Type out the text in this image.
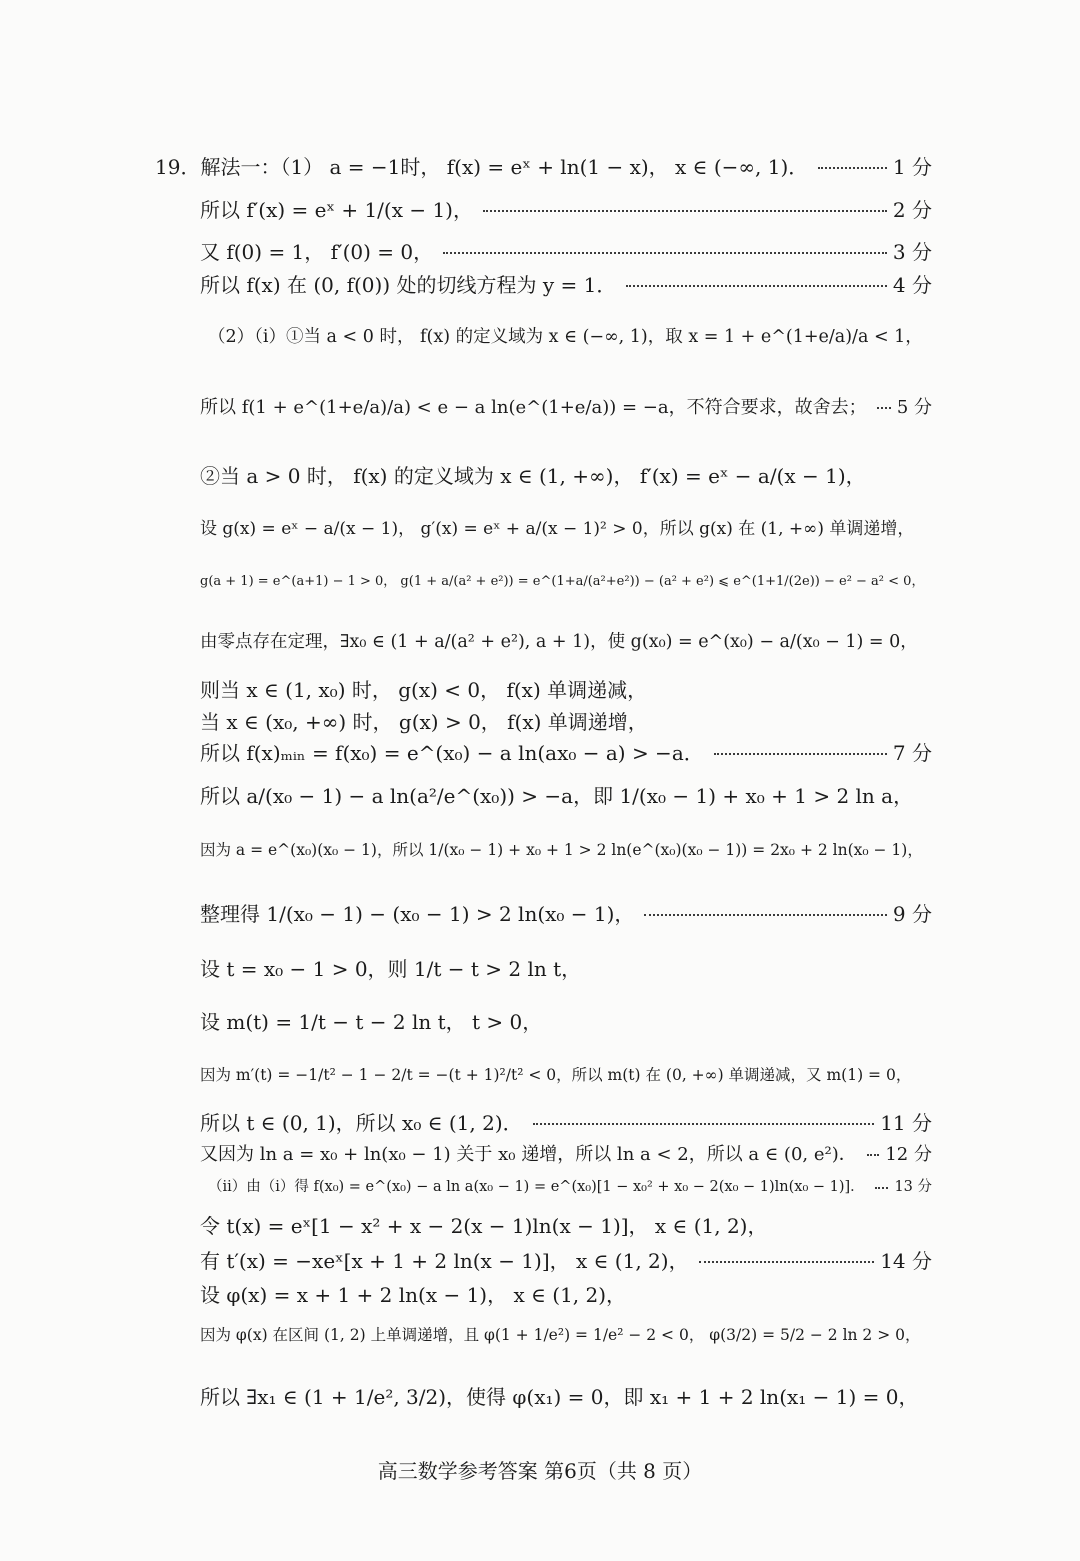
19．解法一：（1） a = −1时， f(x) = eˣ + ln(1 − x)， x ∈ (−∞, 1)．	1 分
所以 f′(x) = eˣ + 1/(x − 1)，	2 分
又 f(0) = 1， f′(0) = 0，	3 分
所以 f(x) 在 (0, f(0)) 处的切线方程为 y = 1．	4 分
（2）（i）①当 a < 0 时， f(x) 的定义域为 x ∈ (−∞, 1)，取 x = 1 + e^(1+e/a)/a < 1，
所以 f(1 + e^(1+e/a)/a) < e − a ln(e^(1+e/a)) = −a，不符合要求，故舍去； 5 分
②当 a > 0 时， f(x) 的定义域为 x ∈ (1, +∞)， f′(x) = eˣ − a/(x − 1)，
设 g(x) = eˣ − a/(x − 1)， g′(x) = eˣ + a/(x − 1)² > 0，所以 g(x) 在 (1, +∞) 单调递增，
g(a + 1) = e^(a+1) − 1 > 0， g(1 + a/(a² + e²)) = e^(1+a/(a²+e²)) − (a² + e²) ⩽ e^(1+1/(2e)) − e² − a² < 0，
由零点存在定理，∃x₀ ∈ (1 + a/(a² + e²), a + 1)，使 g(x₀) = e^(x₀) − a/(x₀ − 1) = 0，
则当 x ∈ (1, x₀) 时， g(x) < 0， f(x) 单调递减，
当 x ∈ (x₀, +∞) 时， g(x) > 0， f(x) 单调递增，
所以 f(x)ₘᵢₙ = f(x₀) = e^(x₀) − a ln(ax₀ − a) > −a．	7 分
所以 a/(x₀ − 1) − a ln(a²/e^(x₀)) > −a，即 1/(x₀ − 1) + x₀ + 1 > 2 ln a，
因为 a = e^(x₀)(x₀ − 1)，所以 1/(x₀ − 1) + x₀ + 1 > 2 ln(e^(x₀)(x₀ − 1)) = 2x₀ + 2 ln(x₀ − 1)，
整理得 1/(x₀ − 1) − (x₀ − 1) > 2 ln(x₀ − 1)，	9 分
设 t = x₀ − 1 > 0，则 1/t − t > 2 ln t，
设 m(t) = 1/t − t − 2 ln t， t > 0，
因为 m′(t) = −1/t² − 1 − 2/t = −(t + 1)²/t² < 0，所以 m(t) 在 (0, +∞) 单调递减，又 m(1) = 0，
所以 t ∈ (0, 1)，所以 x₀ ∈ (1, 2)．	11 分
又因为 ln a = x₀ + ln(x₀ − 1) 关于 x₀ 递增，所以 ln a < 2，所以 a ∈ (0, e²)． 12 分
（ii）由（i）得 f(x₀) = e^(x₀) − a ln a(x₀ − 1) = e^(x₀)[1 − x₀² + x₀ − 2(x₀ − 1)ln(x₀ − 1)]． 13 分
令 t(x) = eˣ[1 − x² + x − 2(x − 1)ln(x − 1)]， x ∈ (1, 2)，
有 t′(x) = −xeˣ[x + 1 + 2 ln(x − 1)]， x ∈ (1, 2)，	14 分
设 φ(x) = x + 1 + 2 ln(x − 1)， x ∈ (1, 2)，
因为 φ(x) 在区间 (1, 2) 上单调递增，且 φ(1 + 1/e²) = 1/e² − 2 < 0， φ(3/2) = 5/2 − 2 ln 2 > 0，
所以 ∃x₁ ∈ (1 + 1/e², 3/2)，使得 φ(x₁) = 0，即 x₁ + 1 + 2 ln(x₁ − 1) = 0，
高三数学参考答案 第6页（共 8 页）
